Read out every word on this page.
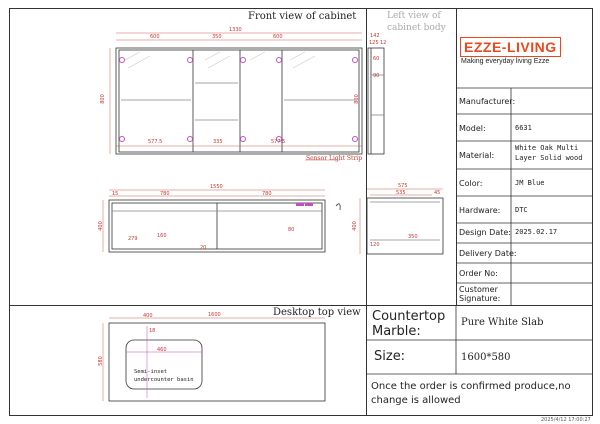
Front view of cabinet	Left view of
cabinet body
Desktop top view
Sensor Light Strip
1330
600	350	600
800
577.5	335	577.5
142
125 12
60
90
800
1550
780	780
400
279	160
15
20
80
575
535	45
400
350
120
400	1600
580
460
18
Semi-inset
undercounter basin
EZZE-LIVING
Making everyday living Ezze
Manufacturer:
Model:	6631
Material:
White Oak Multi Layer Solid wood
Color:	JM Blue
Hardware: DTC
Design Date: 2025.02.17
Delivery Date:
Order No:
Customer Signature:
Countertop
Marble:
Pure White Slab
Size:	1600*580
Once the order is confirmed produce,no
change is allowed
2025/4/12 17:00:27
